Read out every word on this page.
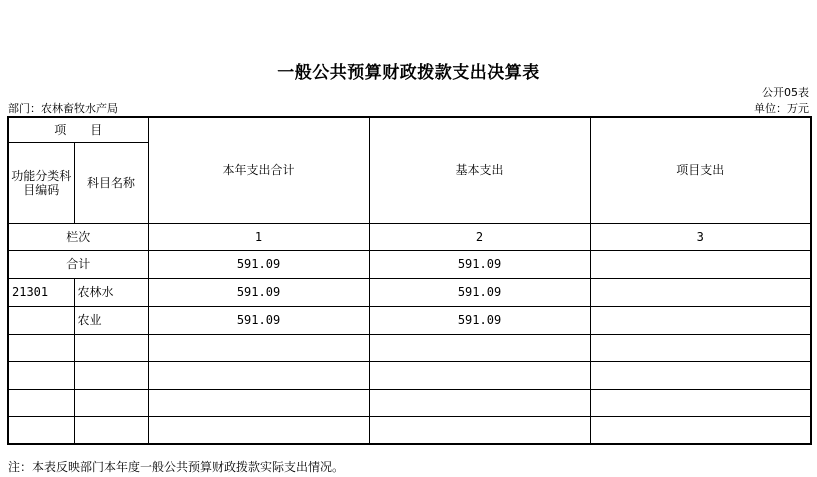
一般公共预算财政拨款支出决算表
公开05表
部门：农林畜牧水产局	单位：万元
项　　目		本年支出合计	基本支出	项目支出
功能分类科目编码	科目名称			
栏次		1	2	3
合计		591.09	591.09	
21301	农林水	591.09	591.09	
	农业	591.09	591.09	

注：本表反映部门本年度一般公共预算财政拨款实际支出情况。
